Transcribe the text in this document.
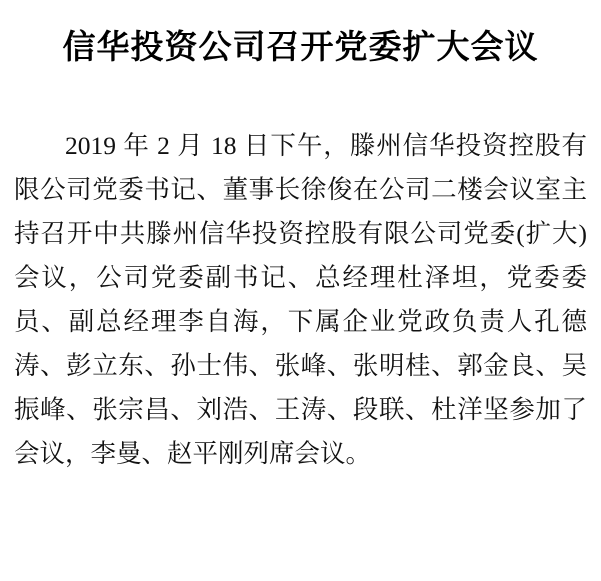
信华投资公司召开党委扩大会议

2019 年 2 月 18 日下午，滕州信华投资控股有限公司党委书记、董事长徐俊在公司二楼会议室主持召开中共滕州信华投资控股有限公司党委(扩大)会议，公司党委副书记、总经理杜泽坦，党委委员、副总经理李自海，下属企业党政负责人孔德涛、彭立东、孙士伟、张峰、张明桂、郭金良、吴振峰、张宗昌、刘浩、王涛、段联、杜洋坚参加了会议，李曼、赵平刚列席会议。
